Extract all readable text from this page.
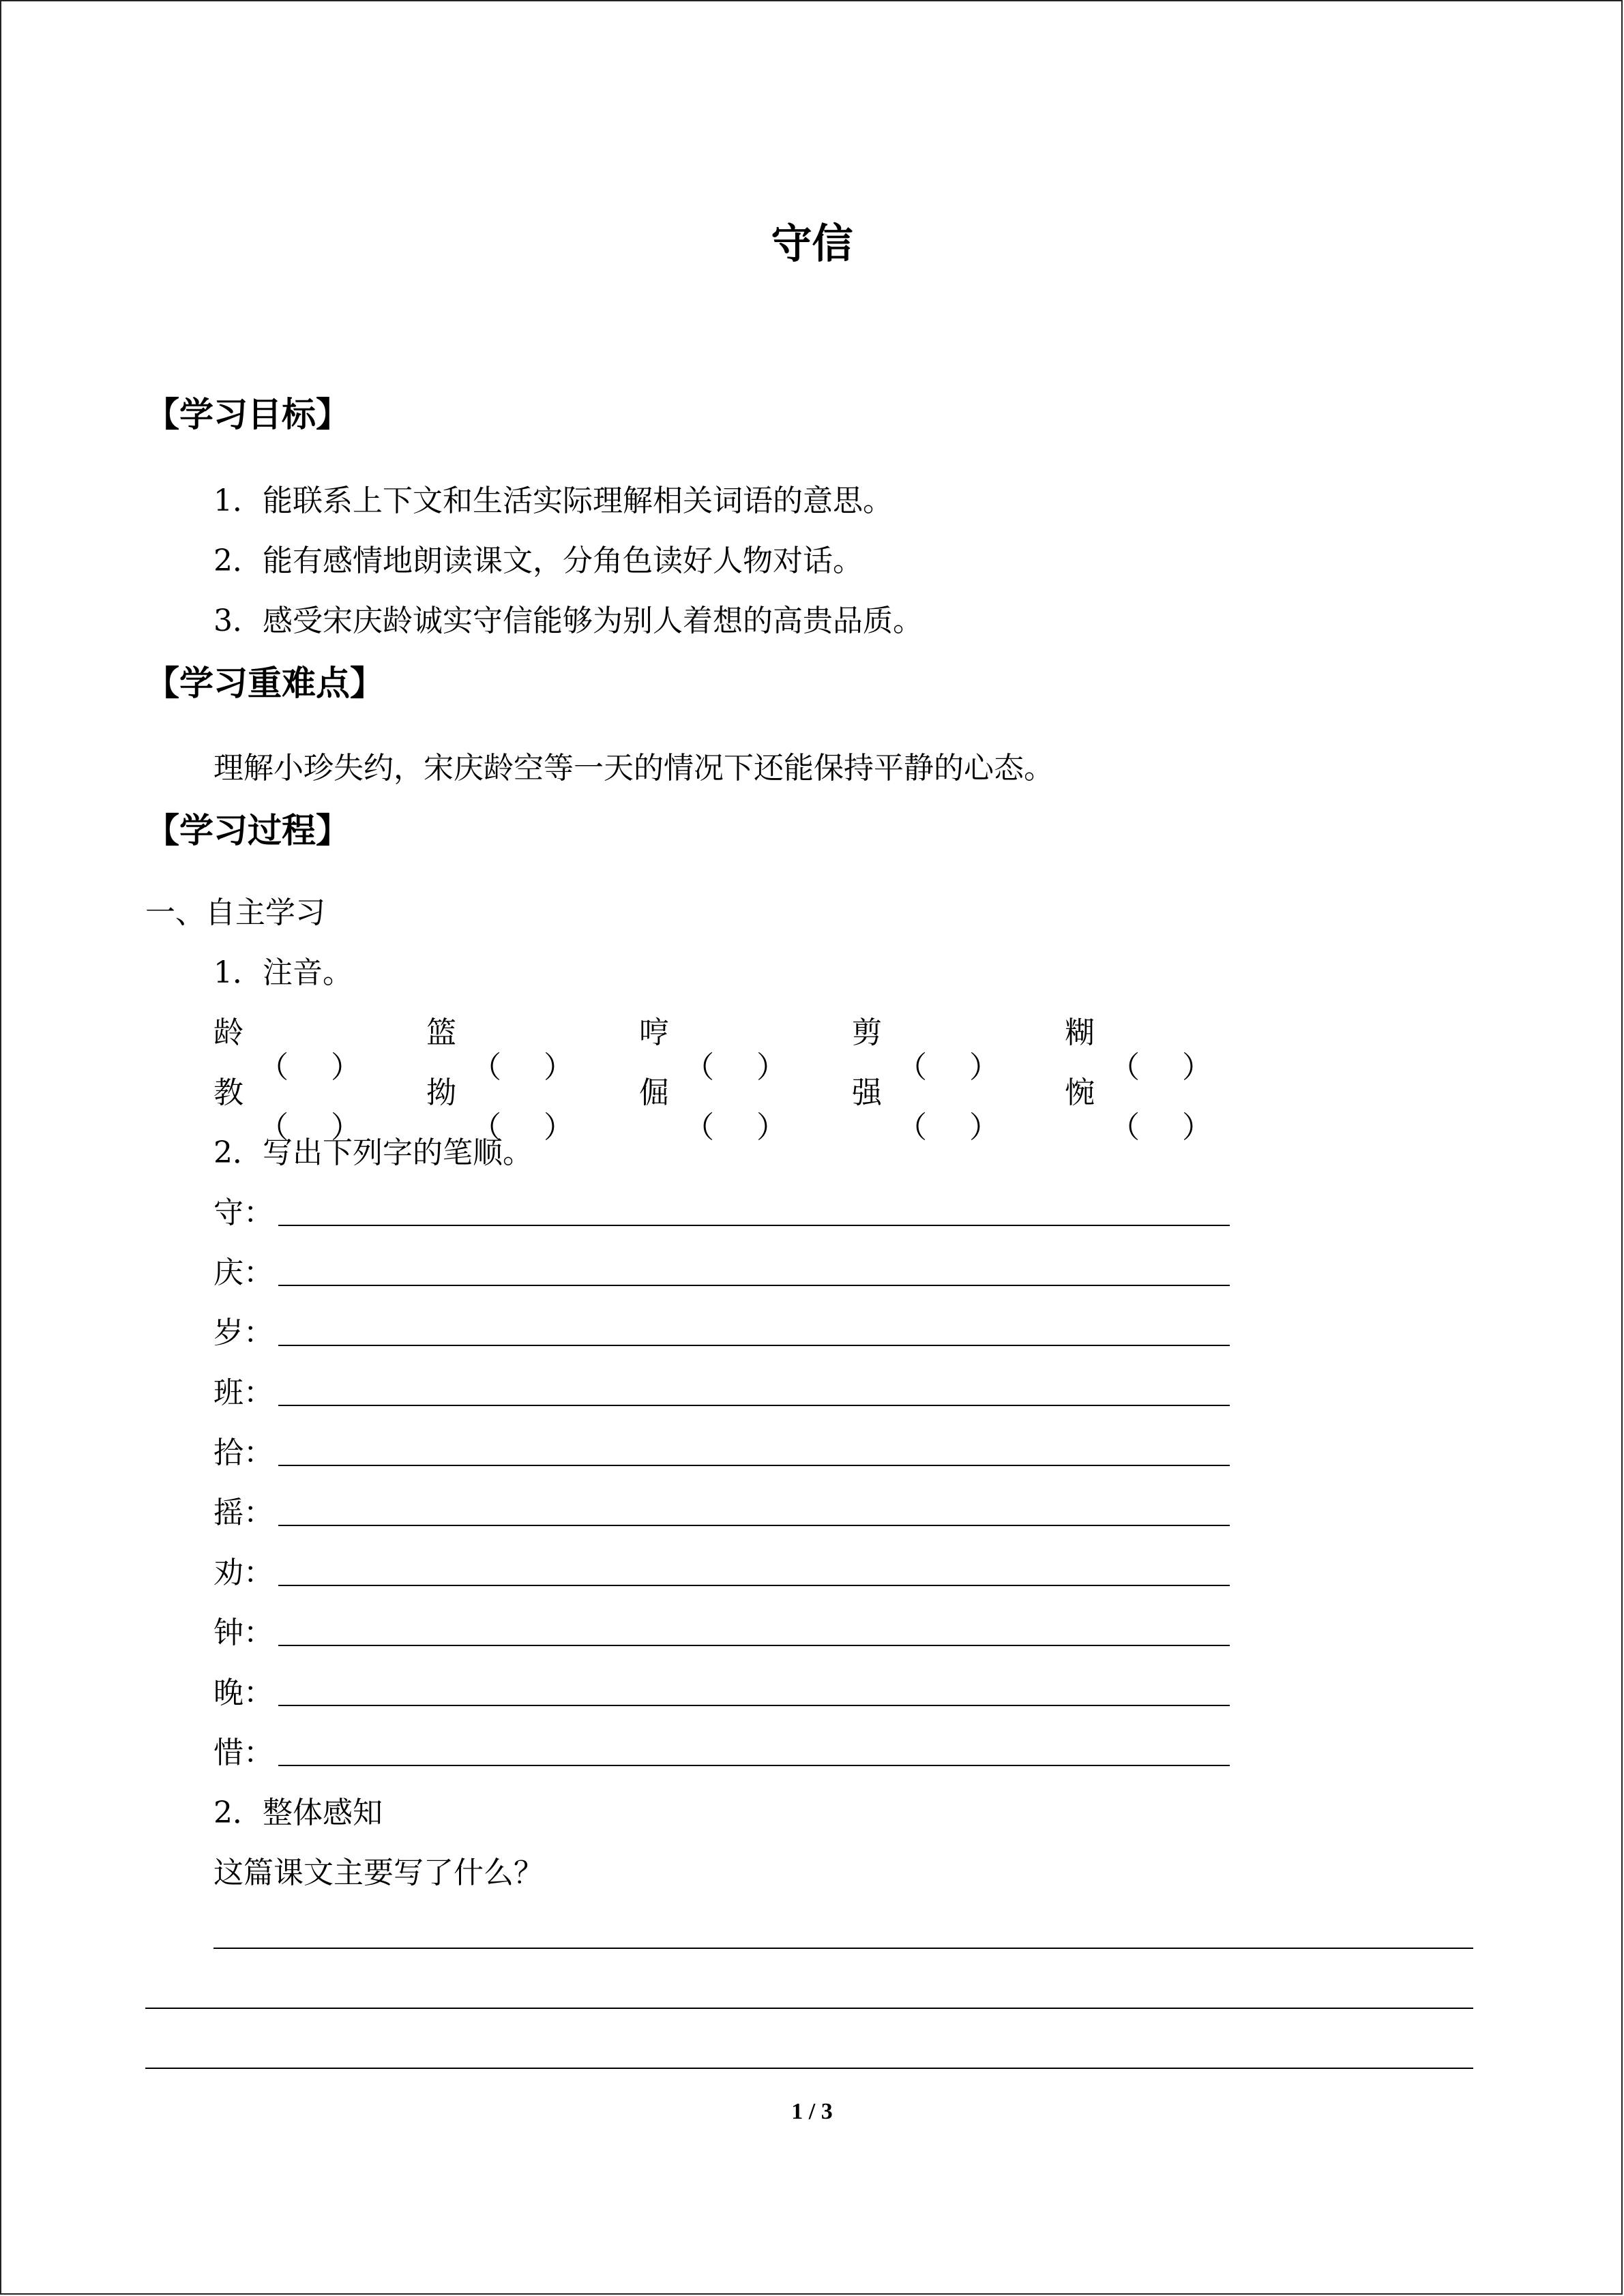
守信
【学习目标】
1．能联系上下文和生活实际理解相关词语的意思。
2．能有感情地朗读课文，分角色读好人物对话。
3．感受宋庆龄诚实守信能够为别人着想的高贵品质。
【学习重难点】
理解小珍失约，宋庆龄空等一天的情况下还能保持平静的心态。
【学习过程】
一、自主学习
1．注音。
龄
（ ）
篮
（ ）
哼
（ ）
剪
（ ）
糊
（ ）
教
（ ）
拗
（ ）
倔
（ ）
强
（ ）
惋
（ ）
2．写出下列字的笔顺。
守：
庆：
岁：
班：
拾：
摇：
劝：
钟：
晚：
惜：
2．整体感知
这篇课文主要写了什么？
1 / 3
